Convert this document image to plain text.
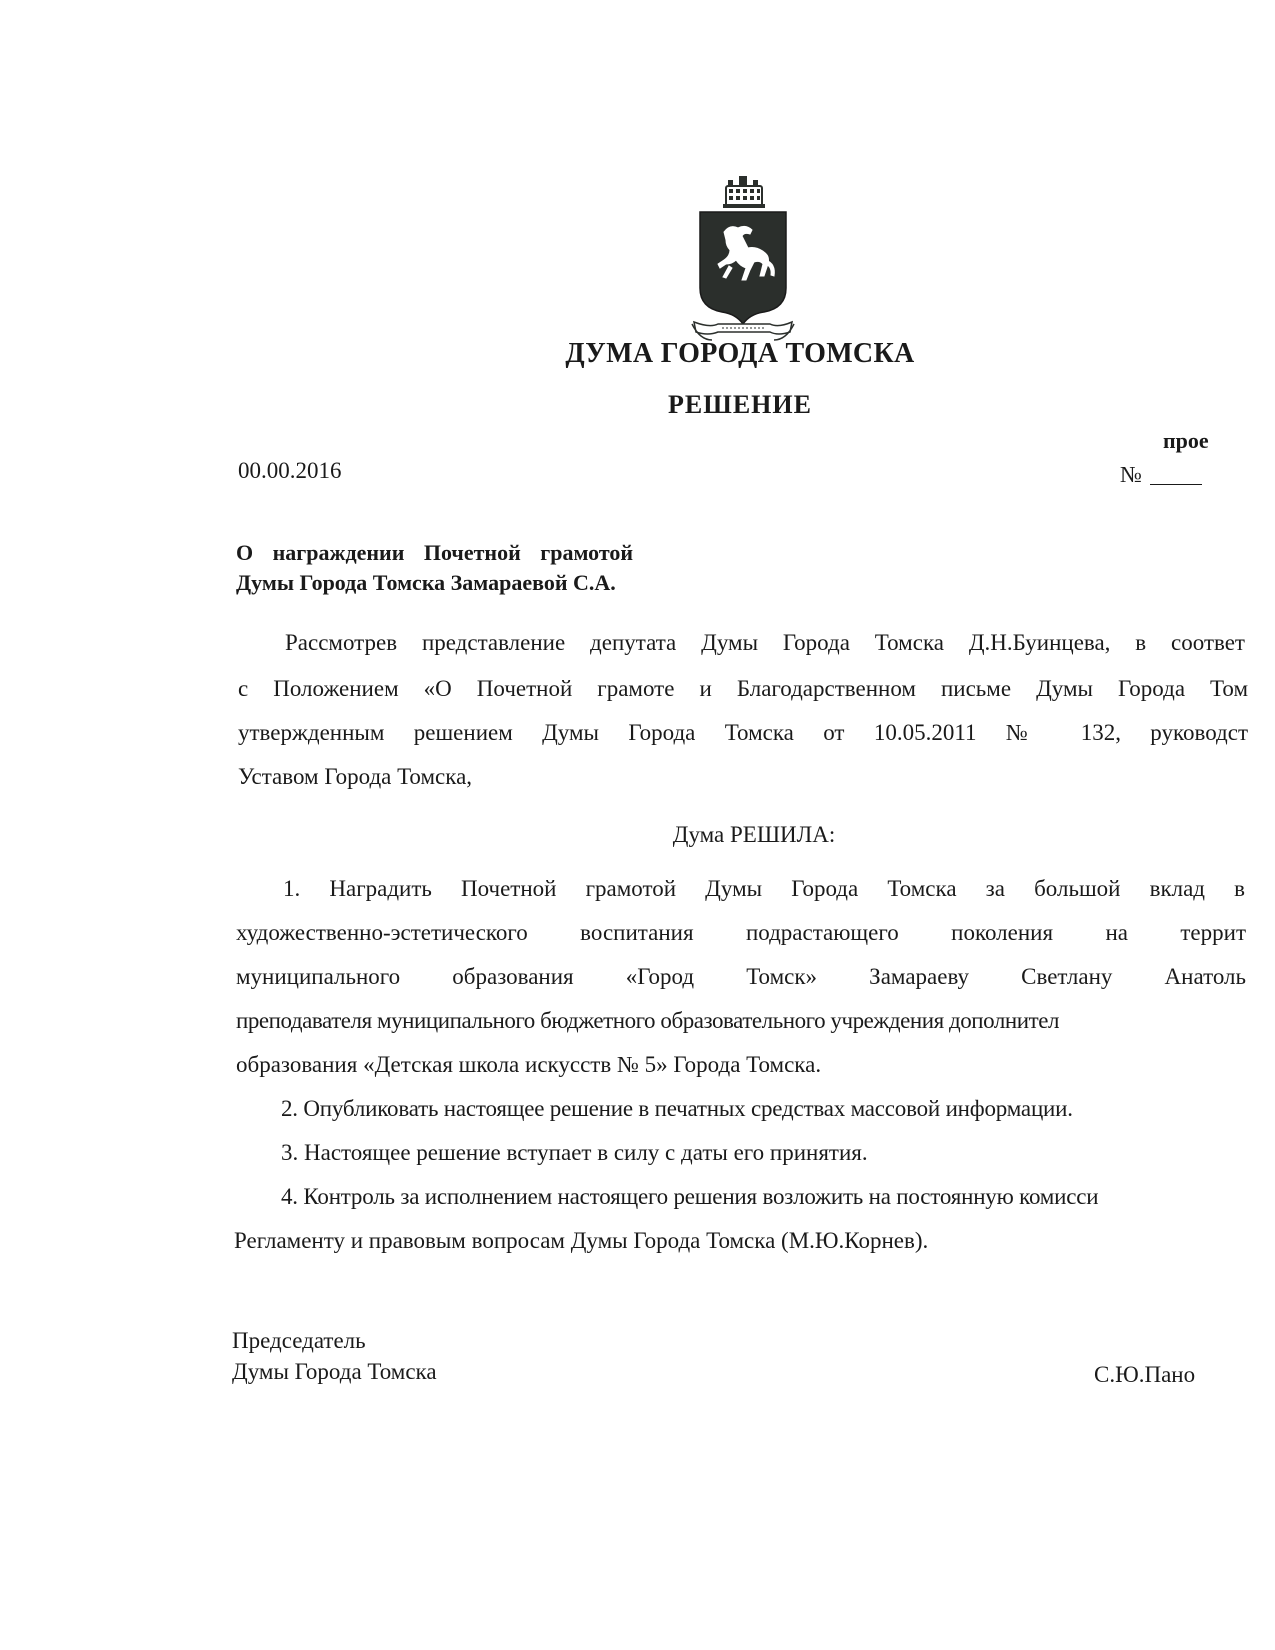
ДУМА ГОРОДА ТОМСКА
РЕШЕНИЕ
прое
00.00.2016	№
О награждении Почетной грамотой
Думы Города Томска Замараевой С.А.
Рассмотрев представление депутата Думы Города Томска Д.Н.Буинцева, в соответ
с Положением «О Почетной грамоте и Благодарственном письме Думы Города Том
утвержденным решением Думы Города Томска от 10.05.2011 № 132, руководст
Уставом Города Томска,
Дума РЕШИЛА:
1. Наградить Почетной грамотой Думы Города Томска за большой вклад в
художественно-эстетического воспитания подрастающего поколения на террит
муниципального образования «Город Томск» Замараеву Светлану Анатоль
преподавателя муниципального бюджетного образовательного учреждения дополнител
образования «Детская школа искусств № 5» Города Томска.
2. Опубликовать настоящее решение в печатных средствах массовой информации.
3. Настоящее решение вступает в силу с даты его принятия.
4. Контроль за исполнением настоящего решения возложить на постоянную комисси
Регламенту и правовым вопросам Думы Города Томска (М.Ю.Корнев).
Председатель
Думы Города Томска	С.Ю.Пано
